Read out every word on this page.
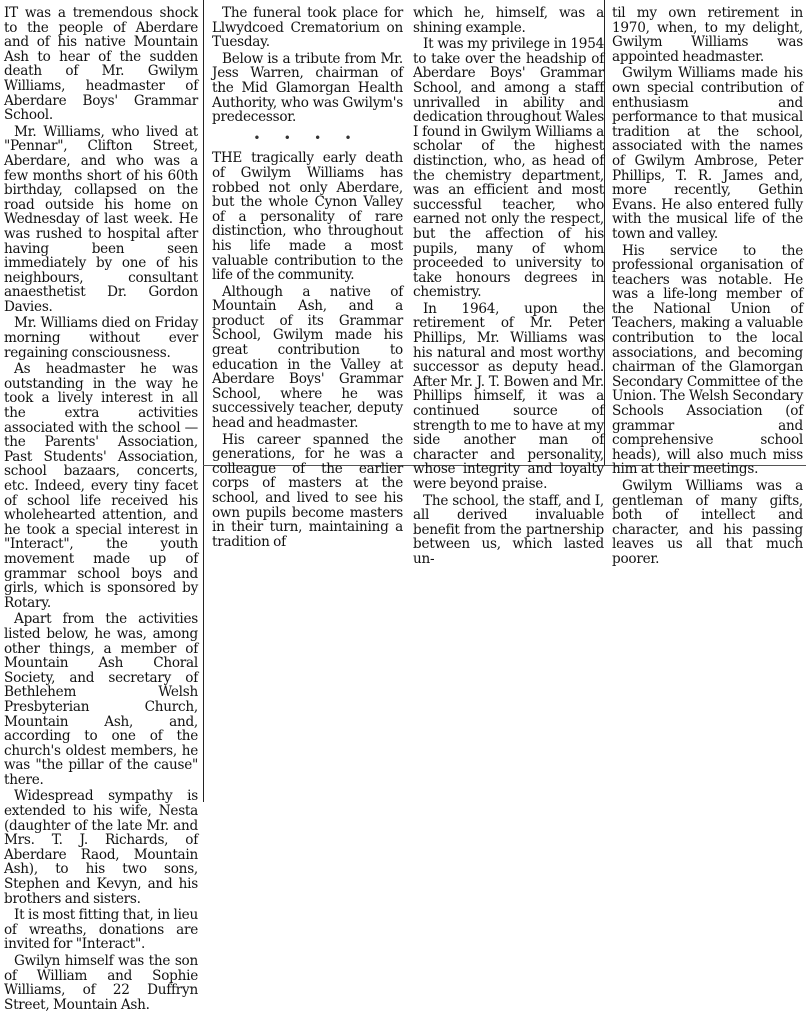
IT was a tremendous shock to the people of Aberdare and of his native Mountain Ash to hear of the sudden death of Mr. Gwilym Williams, headmaster of Aberdare Boys' Grammar School.

Mr. Williams, who lived at "Pennar", Clifton Street, Aberdare, and who was a few months short of his 60th birthday, collapsed on the road outside his home on Wednesday of last week. He was rushed to hospital after having been seen immediately by one of his neighbours, consultant anaesthetist Dr. Gordon Davies.

Mr. Williams died on Friday morning without ever regaining consciousness.

As headmaster he was outstanding in the way he took a lively interest in all the extra activities associated with the school — the Parents' Association, Past Students' Association, school bazaars, concerts, etc. Indeed, every tiny facet of school life received his wholehearted attention, and he took a special interest in "Interact", the youth movement made up of grammar school boys and girls, which is sponsored by Rotary.

Apart from the activities listed below, he was, among other things, a member of Mountain Ash Choral Society, and secretary of Bethlehem Welsh Presbyterian Church, Mountain Ash, and, according to one of the church's oldest members, he was "the pillar of the cause" there.

Widespread sympathy is extended to his wife, Nesta (daughter of the late Mr. and Mrs. T. J. Richards, of Aberdare Raod, Mountain Ash), to his two sons, Stephen and Kevyn, and his brothers and sisters.

It is most fitting that, in lieu of wreaths, donations are invited for "Interact".

Gwilyn himself was the son of William and Sophie Williams, of 22 Duffryn Street, Mountain Ash.

The funeral took place for Llwydcoed Crematorium on Tuesday.

Below is a tribute from Mr. Jess Warren, chairman of the Mid Glamorgan Health Authority, who was Gwilym's predecessor.

• • • •

THE tragically early death of Gwilym Williams has robbed not only Aberdare, but the whole Cynon Valley of a personality of rare distinction, who throughout his life made a most valuable contribution to the life of the community.

Although a native of Mountain Ash, and a product of its Grammar School, Gwilym made his great contribution to education in the Valley at Aberdare Boys' Grammar School, where he was successively teacher, deputy head and headmaster.

His career spanned the generations, for he was a colleague of the earlier corps of masters at the school, and lived to see his own pupils become masters in their turn, maintaining a tradition of

which he, himself, was a shining example.

It was my privilege in 1954 to take over the headship of Aberdare Boys' Grammar School, and among a staff unrivalled in ability and dedication throughout Wales I found in Gwilym Williams a scholar of the highest distinction, who, as head of the chemistry department, was an efficient and most successful teacher, who earned not only the respect, but the affection of his pupils, many of whom proceeded to university to take honours degrees in chemistry.

In 1964, upon the retirement of Mr. Peter Phillips, Mr. Williams was his natural and most worthy successor as deputy head. After Mr. J. T. Bowen and Mr. Phillips himself, it was a continued source of strength to me to have at my side another man of character and personality, whose integrity and loyalty were beyond praise.

The school, the staff, and I, all derived invaluable benefit from the partnership between us, which lasted un-

til my own retirement in 1970, when, to my delight, Gwilym Williams was appointed headmaster.

Gwilym Williams made his own special contribution of enthusiasm and performance to that musical tradition at the school, associated with the names of Gwilym Ambrose, Peter Phillips, T. R. James and, more recently, Gethin Evans. He also entered fully with the musical life of the town and valley.

His service to the professional organisation of teachers was notable. He was a life-long member of the National Union of Teachers, making a valuable contribution to the local associations, and becoming chairman of the Glamorgan Secondary Committee of the Union. The Welsh Secondary Schools Association (of grammar and comprehensive school heads), will also much miss him at their meetings.

Gwilym Williams was a gentleman of many gifts, both of intellect and character, and his passing leaves us all that much poorer.
